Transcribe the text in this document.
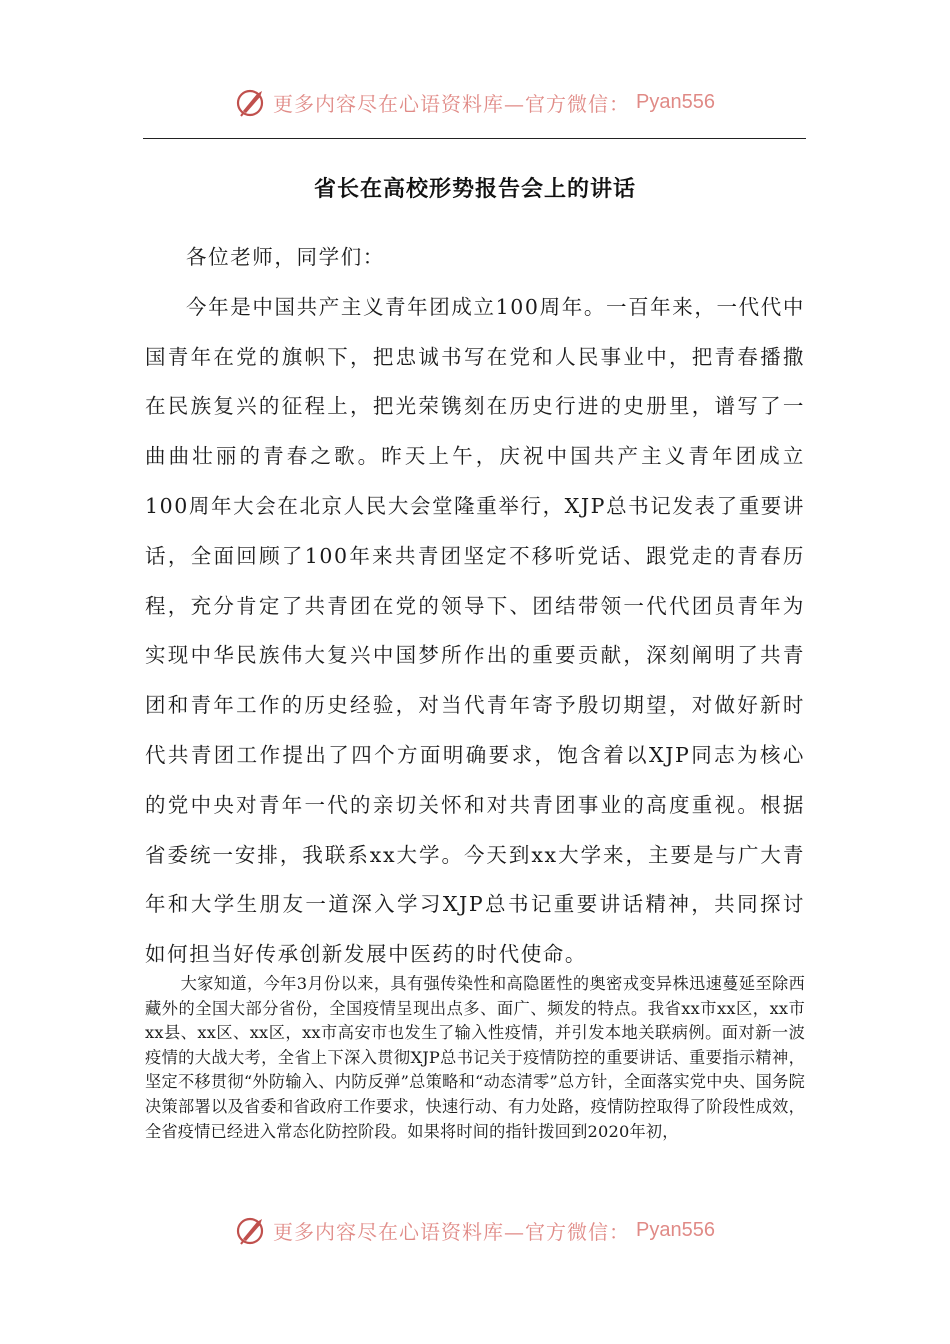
更多内容尽在心语资料库—官方微信： Pyan556
省长在高校形势报告会上的讲话

各位老师，同学们：

今年是中国共产主义青年团成立100周年。一百年来，一代代中国青年在党的旗帜下，把忠诚书写在党和人民事业中，把青春播撒在民族复兴的征程上，把光荣镌刻在历史行进的史册里，谱写了一曲曲壮丽的青春之歌。昨天上午，庆祝中国共产主义青年团成立100周年大会在北京人民大会堂隆重举行，XJP总书记发表了重要讲话，全面回顾了100年来共青团坚定不移听党话、跟党走的青春历程，充分肯定了共青团在党的领导下、团结带领一代代团员青年为实现中华民族伟大复兴中国梦所作出的重要贡献，深刻阐明了共青团和青年工作的历史经验，对当代青年寄予殷切期望，对做好新时代共青团工作提出了四个方面明确要求，饱含着以XJP同志为核心的党中央对青年一代的亲切关怀和对共青团事业的高度重视。根据省委统一安排，我联系xx大学。今天到xx大学来，主要是与广大青年和大学生朋友一道深入学习XJP总书记重要讲话精神，共同探讨如何担当好传承创新发展中医药的时代使命。

大家知道，今年3月份以来，具有强传染性和高隐匿性的奥密戎变异株迅速蔓延至除西藏外的全国大部分省份，全国疫情呈现出点多、面广、频发的特点。我省xx市xx区，xx市xx县、xx区、xx区，xx市高安市也发生了输入性疫情，并引发本地关联病例。面对新一波疫情的大战大考，全省上下深入贯彻XJP总书记关于疫情防控的重要讲话、重要指示精神，坚定不移贯彻“外防输入、内防反弹”总策略和“动态清零”总方针，全面落实党中央、国务院决策部署以及省委和省政府工作要求，快速行动、有力处路，疫情防控取得了阶段性成效，全省疫情已经进入常态化防控阶段。如果将时间的指针拨回到2020年初，

更多内容尽在心语资料库—官方微信： Pyan556
